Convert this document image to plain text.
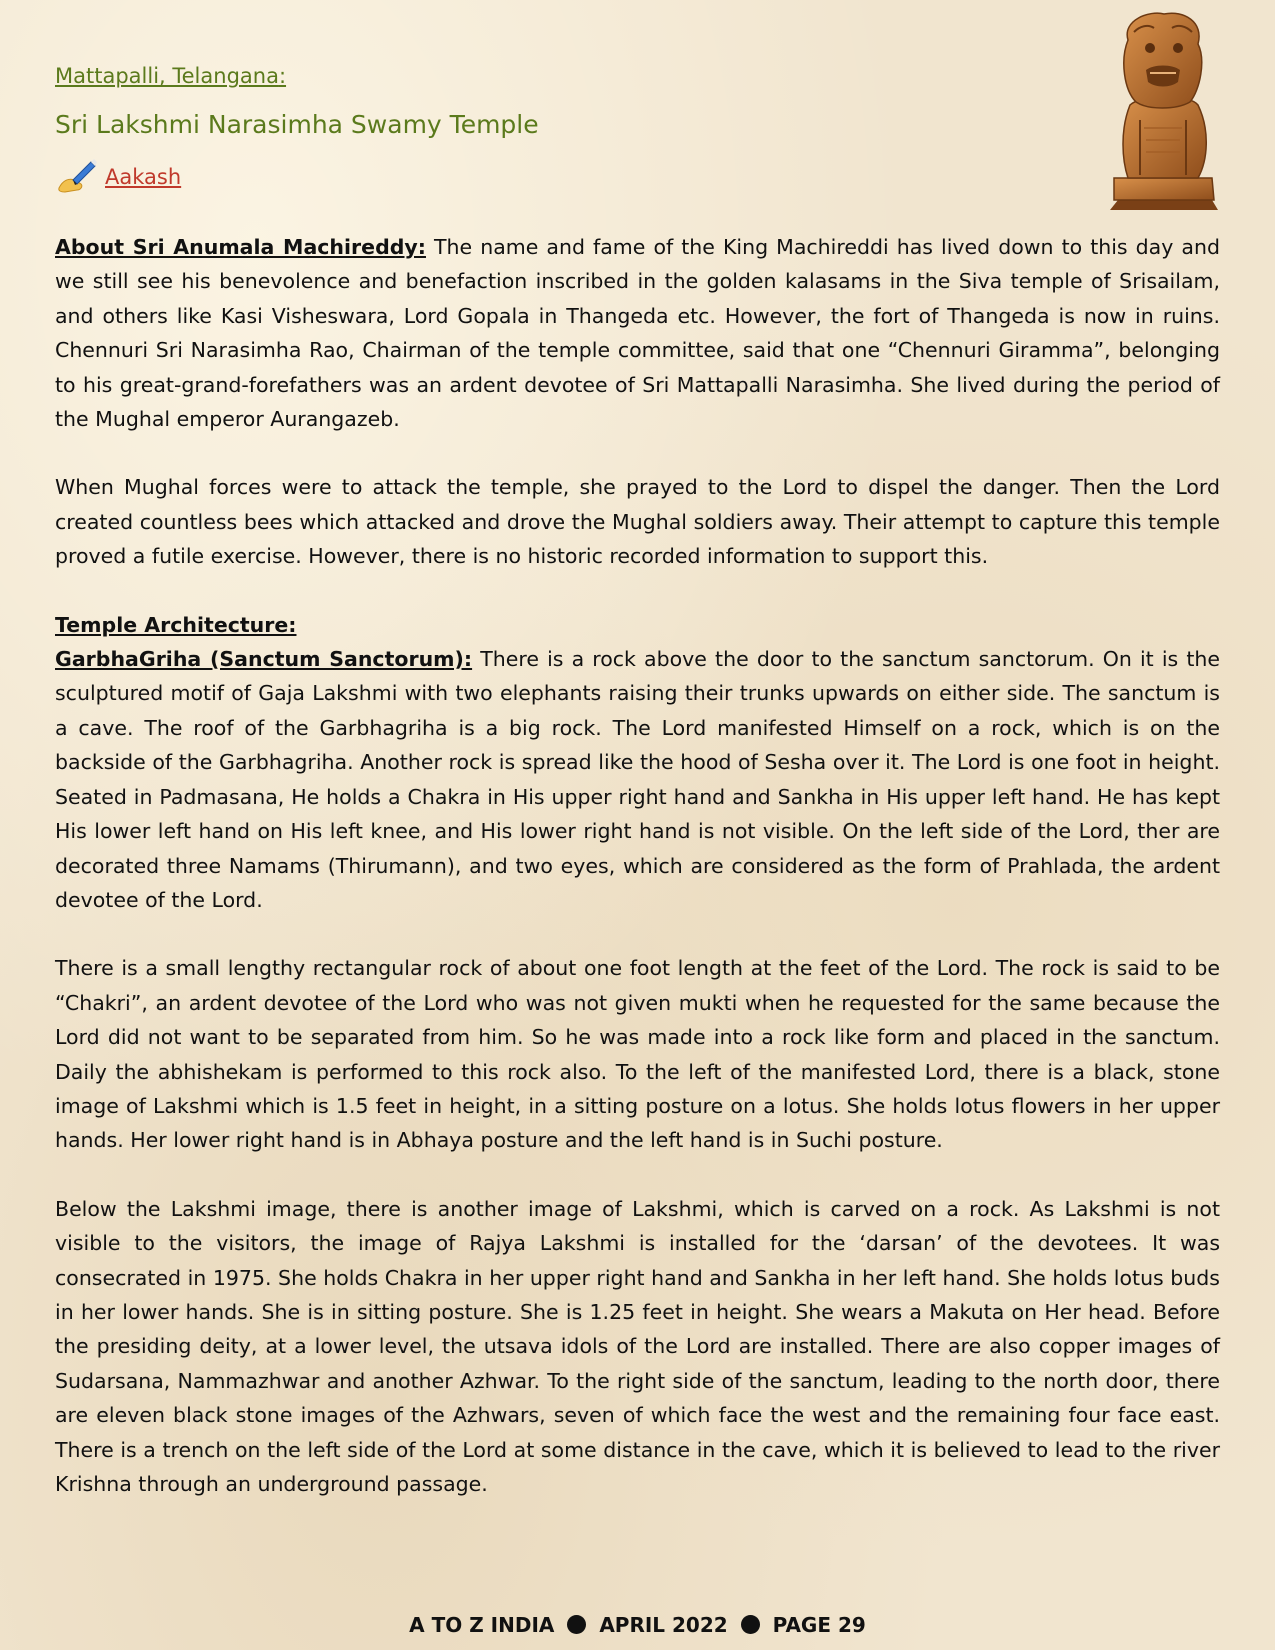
Mattapalli, Telangana:
Sri Lakshmi Narasimha Swamy Temple
Aakash

About Sri Anumala Machireddy: The name and fame of the King Machireddi has lived down to this day and we still see his benevolence and benefaction inscribed in the golden kalasams in the Siva temple of Srisailam, and others like Kasi Visheswara, Lord Gopala in Thangeda etc. However, the fort of Thangeda is now in ruins. Chennuri Sri Narasimha Rao, Chairman of the temple committee, said that one “Chennuri Giramma”, belonging to his great-grand-forefathers was an ardent devotee of Sri Mattapalli Narasimha. She lived during the period of the Mughal emperor Aurangazeb.

When Mughal forces were to attack the temple, she prayed to the Lord to dispel the danger. Then the Lord created countless bees which attacked and drove the Mughal soldiers away. Their attempt to capture this temple proved a futile exercise. However, there is no historic recorded information to support this.

Temple Architecture:

GarbhaGriha (Sanctum Sanctorum): There is a rock above the door to the sanctum sanctorum. On it is the sculptured motif of Gaja Lakshmi with two elephants raising their trunks upwards on either side. The sanctum is a cave. The roof of the Garbhagriha is a big rock. The Lord manifested Himself on a rock, which is on the backside of the Garbhagriha. Another rock is spread like the hood of Sesha over it. The Lord is one foot in height. Seated in Padmasana, He holds a Chakra in His upper right hand and Sankha in His upper left hand. He has kept His lower left hand on His left knee, and His lower right hand is not visible. On the left side of the Lord, ther are decorated three Namams (Thirumann), and two eyes, which are considered as the form of Prahlada, the ardent devotee of the Lord.

There is a small lengthy rectangular rock of about one foot length at the feet of the Lord. The rock is said to be “Chakri”, an ardent devotee of the Lord who was not given mukti when he requested for the same because the Lord did not want to be separated from him. So he was made into a rock like form and placed in the sanctum. Daily the abhishekam is performed to this rock also. To the left of the manifested Lord, there is a black, stone image of Lakshmi which is 1.5 feet in height, in a sitting posture on a lotus. She holds lotus flowers in her upper hands. Her lower right hand is in Abhaya posture and the left hand is in Suchi posture.

Below the Lakshmi image, there is another image of Lakshmi, which is carved on a rock. As Lakshmi is not visible to the visitors, the image of Rajya Lakshmi is installed for the ‘darsan’ of the devotees. It was consecrated in 1975. She holds Chakra in her upper right hand and Sankha in her left hand. She holds lotus buds in her lower hands. She is in sitting posture. She is 1.25 feet in height. She wears a Makuta on Her head. Before the presiding deity, at a lower level, the utsava idols of the Lord are installed. There are also copper images of Sudarsana, Nammazhwar and another Azhwar. To the right side of the sanctum, leading to the north door, there are eleven black stone images of the Azhwars, seven of which face the west and the remaining four face east. There is a trench on the left side of the Lord at some distance in the cave, which it is believed to lead to the river Krishna through an underground passage.

A TO Z INDIA APRIL 2022 PAGE 29
